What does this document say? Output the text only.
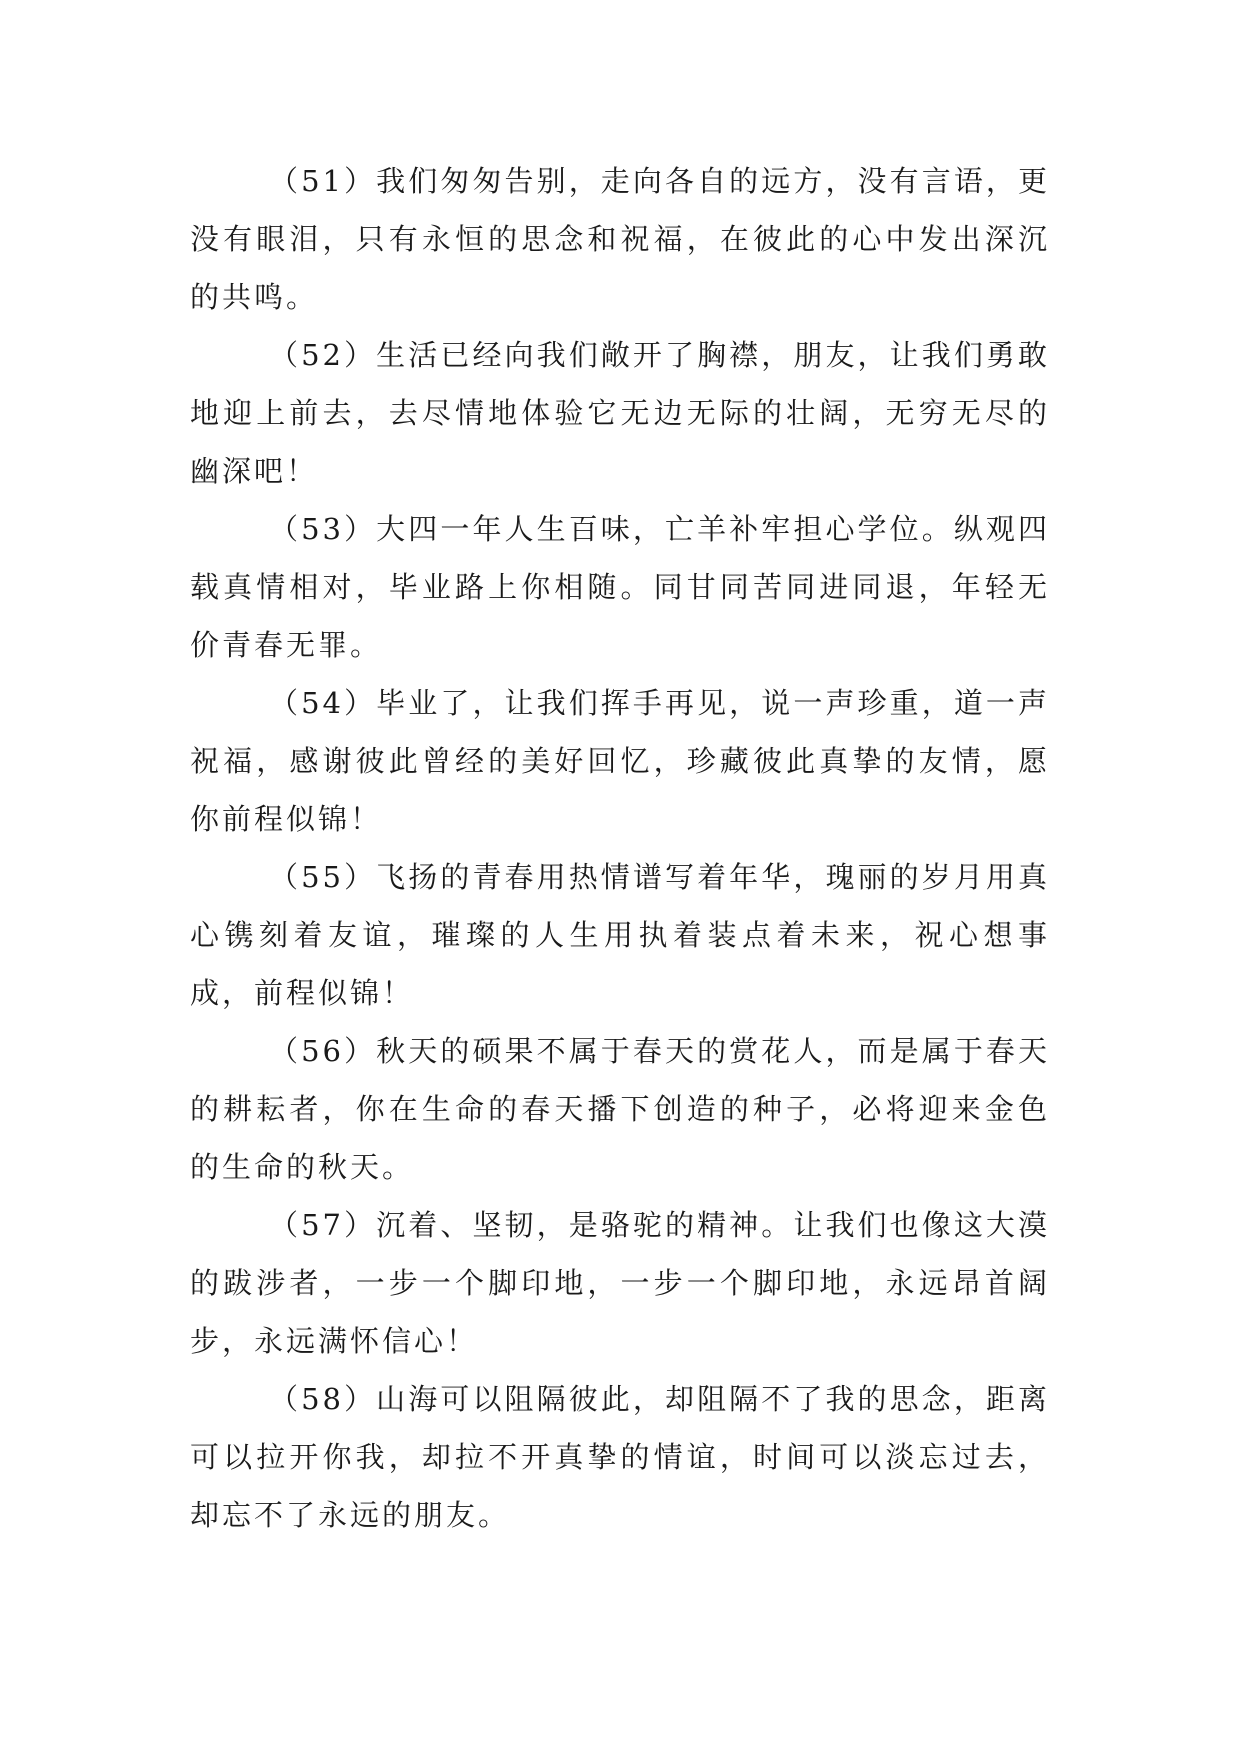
（51）我们匆匆告别，走向各自的远方，没有言语，更没有眼泪，只有永恒的思念和祝福，在彼此的心中发出深沉的共鸣。

（52）生活已经向我们敞开了胸襟，朋友，让我们勇敢地迎上前去，去尽情地体验它无边无际的壮阔，无穷无尽的幽深吧！

（53）大四一年人生百味，亡羊补牢担心学位。纵观四载真情相对，毕业路上你相随。同甘同苦同进同退，年轻无价青春无罪。

（54）毕业了，让我们挥手再见，说一声珍重，道一声祝福，感谢彼此曾经的美好回忆，珍藏彼此真挚的友情，愿你前程似锦！

（55）飞扬的青春用热情谱写着年华，瑰丽的岁月用真心镌刻着友谊，璀璨的人生用执着装点着未来，祝心想事成，前程似锦！

（56）秋天的硕果不属于春天的赏花人，而是属于春天的耕耘者，你在生命的春天播下创造的种子，必将迎来金色的生命的秋天。

（57）沉着、坚韧，是骆驼的精神。让我们也像这大漠的跋涉者，一步一个脚印地，一步一个脚印地，永远昂首阔步，永远满怀信心！

（58）山海可以阻隔彼此，却阻隔不了我的思念，距离可以拉开你我，却拉不开真挚的情谊，时间可以淡忘过去，却忘不了永远的朋友。
